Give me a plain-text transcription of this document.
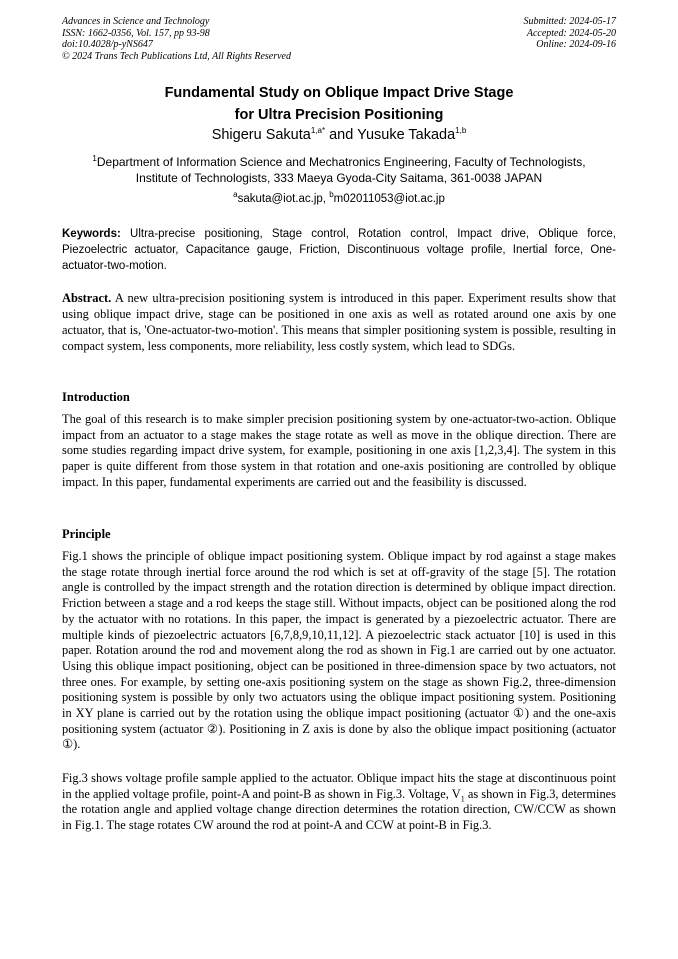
Advances in Science and Technology
ISSN: 1662-0356, Vol. 157, pp 93-98
doi:10.4028/p-yNS647
© 2024 Trans Tech Publications Ltd, All Rights Reserved
Submitted: 2024-05-17
Accepted: 2024-05-20
Online: 2024-09-16
Fundamental Study on Oblique Impact Drive Stage
for Ultra Precision Positioning
Shigeru Sakuta$^{1,a*}$ and Yusuke Takada$^{1,b}$
$^1$Department of Information Science and Mechatronics Engineering, Faculty of Technologists,
Institute of Technologists, 333 Maeya Gyoda-City Saitama, 361-0038 JAPAN
$^a$sakuta@iot.ac.jp, $^b$m02011053@iot.ac.jp
Keywords: Ultra-precise positioning, Stage control, Rotation control, Impact drive, Oblique force, Piezoelectric actuator, Capacitance gauge, Friction, Discontinuous voltage profile, Inertial force, One-actuator-two-motion.
Abstract. A new ultra-precision positioning system is introduced in this paper. Experiment results show that using oblique impact drive, stage can be positioned in one axis as well as rotated around one axis by one actuator, that is, 'One-actuator-two-motion'. This means that simpler positioning system is possible, resulting in compact system, less components, more reliability, less costly system, which lead to SDGs.
Introduction

The goal of this research is to make simpler precision positioning system by one-actuator-two-action. Oblique impact from an actuator to a stage makes the stage rotate as well as move in the oblique direction. There are some studies regarding impact drive system, for example, positioning in one axis [1,2,3,4]. The system in this paper is quite different from those system in that rotation and one-axis positioning are controlled by oblique impact. In this paper, fundamental experiments are carried out and the feasibility is discussed.

Principle

Fig.1 shows the principle of oblique impact positioning system. Oblique impact by rod against a stage makes the stage rotate through inertial force around the rod which is set at off-gravity of the stage [5]. The rotation angle is controlled by the impact strength and the rotation direction is determined by oblique impact direction. Friction between a stage and a rod keeps the stage still. Without impacts, object can be positioned along the rod by the actuator with no rotations. In this paper, the impact is generated by a piezoelectric actuator. There are multiple kinds of piezoelectric actuators [6,7,8,9,10,11,12]. A piezoelectric stack actuator [10] is used in this paper. Rotation around the rod and movement along the rod as shown in Fig.1 are carried out by one actuator. Using this oblique impact positioning, object can be positioned in three-dimension space by two actuators, not three ones. For example, by setting one-axis positioning system on the stage as shown Fig.2, three-dimension positioning system is possible by only two actuators using the oblique impact positioning system. Positioning in XY plane is carried out by the rotation using the oblique impact positioning (actuator ①) and the one-axis positioning system (actuator ②). Positioning in Z axis is done by also the oblique impact positioning (actuator ①).

Fig.3 shows voltage profile sample applied to the actuator. Oblique impact hits the stage at discontinuous point in the applied voltage profile, point-A and point-B as shown in Fig.3. Voltage, $V_1$ as shown in Fig.3, determines the rotation angle and applied voltage change direction determines the rotation direction, CW/CCW as shown in Fig.1. The stage rotates CW around the rod at point-A and CCW at point-B in Fig.3.
